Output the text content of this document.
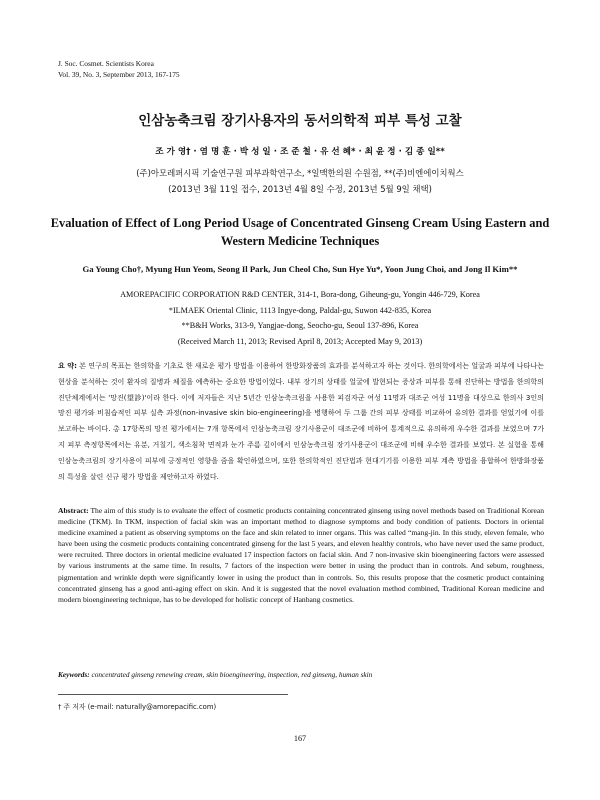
J. Soc. Cosmet. Scientists Korea
Vol. 39, No. 3, September 2013, 167-175
인삼농축크림 장기사용자의 동서의학적 피부 특성 고찰
조 가 영† · 염 명 훈 · 박 성 일 · 조 준 철 · 유 선 혜* · 최 윤 정 · 김 종 일**
(주)아모레퍼시픽 기술연구원 피부과학연구소, *일맥한의원 수원점, **(주)비엔에이치웍스
(2013년 3월 11일 접수, 2013년 4월 8일 수정, 2013년 5월 9일 채택)
Evaluation of Effect of Long Period Usage of Concentrated Ginseng Cream Using Eastern and Western Medicine Techniques
Ga Young Cho†, Myung Hun Yeom, Seong Il Park, Jun Cheol Cho, Sun Hye Yu*, Yoon Jung Choi, and Jong Il Kim**
AMOREPACIFIC CORPORATION R&D CENTER, 314-1, Bora-dong, Giheung-gu, Yongin 446-729, Korea
*ILMAEK Oriental Clinic, 1113 Ingye-dong, Paldal-gu, Suwon 442-835, Korea
**B&H Works, 313-9, Yangjae-dong, Seocho-gu, Seoul 137-896, Korea
(Received March 11, 2013; Revised April 8, 2013; Accepted May 9, 2013)
요 약: 본 연구의 목표는 한의학을 기초로 한 새로운 평가 방법을 이용하여 한방화장품의 효과를 분석하고자 하는 것이다. 한의학에서는 얼굴과 피부에 나타나는 현상을 분석하는 것이 환자의 질병과 체질을 예측하는 중요한 방법이었다. 내부 장기의 상태를 얼굴에 발현되는 증상과 피부를 통해 진단하는 방법을 한의학의 진단체계에서는 '망진(望診)'이라 한다. 이에 저자들은 지난 5년간 인삼농축크림을 사용한 피검자군 여성 11명과 대조군 여성 11명을 대상으로 한의사 3인의 망진 평가와 비침습적인 피부 실측 과정(non-invasive skin bio-engineering)을 병행하여 두 그룹 간의 피부 상태를 비교하여 유의한 결과를 얻었기에 이를 보고하는 바이다. 총 17항목의 망진 평가에서는 7개 항목에서 인삼농축크림 장기사용군이 대조군에 비하여 통계적으로 유의하게 우수한 결과를 보였으며 7가지 피부 측정항목에서는 유분, 거칠기, 색소침착 면적과 눈가 주름 깊이에서 인삼농축크림 장기사용군이 대조군에 비해 우수한 결과를 보였다. 본 실험을 통해 인삼농축크림의 장기사용이 피부에 긍정적인 영향을 줌을 확인하였으며, 또한 한의학적인 진단법과 현대기기를 이용한 피부 계측 방법을 융합하여 한방화장품의 특성을 살린 신규 평가 방법을 제안하고자 하였다.
Abstract: The aim of this study is to evaluate the effect of cosmetic products containing concentrated ginseng using novel methods based on Traditional Korean medicine (TKM). In TKM, inspection of facial skin was an important method to diagnose symptoms and body condition of patients. Doctors in oriental medicine examined a patient as observing symptoms on the face and skin related to inner organs. This was called “mang-jin. In this study, eleven female, who have been using the cosmetic products containing concentrated ginseng for the last 5 years, and eleven healthy controls, who have never used the same product, were recruited. Three doctors in oriental medicine evaluated 17 inspection factors on facial skin. And 7 non-invasive skin bioengineering factors were assessed by various instruments at the same time. In results, 7 factors of the inspection were better in using the product than in controls. And sebum, roughness, pigmentation and wrinkle depth were significantly lower in using the product than in controls. So, this results propose that the cosmetic product containing concentrated ginseng has a good anti-aging effect on skin. And it is suggested that the novel evaluation method combined, Traditional Korean medicine and modern bioengineering technique, has to be developed for holistic concept of Hanbang cosmetics.
Keywords: concentrated ginseng renewing cream, skin bioengineering, inspection, red ginseng, human skin
† 주 저자 (e-mail: naturally@amorepacific.com)
167
